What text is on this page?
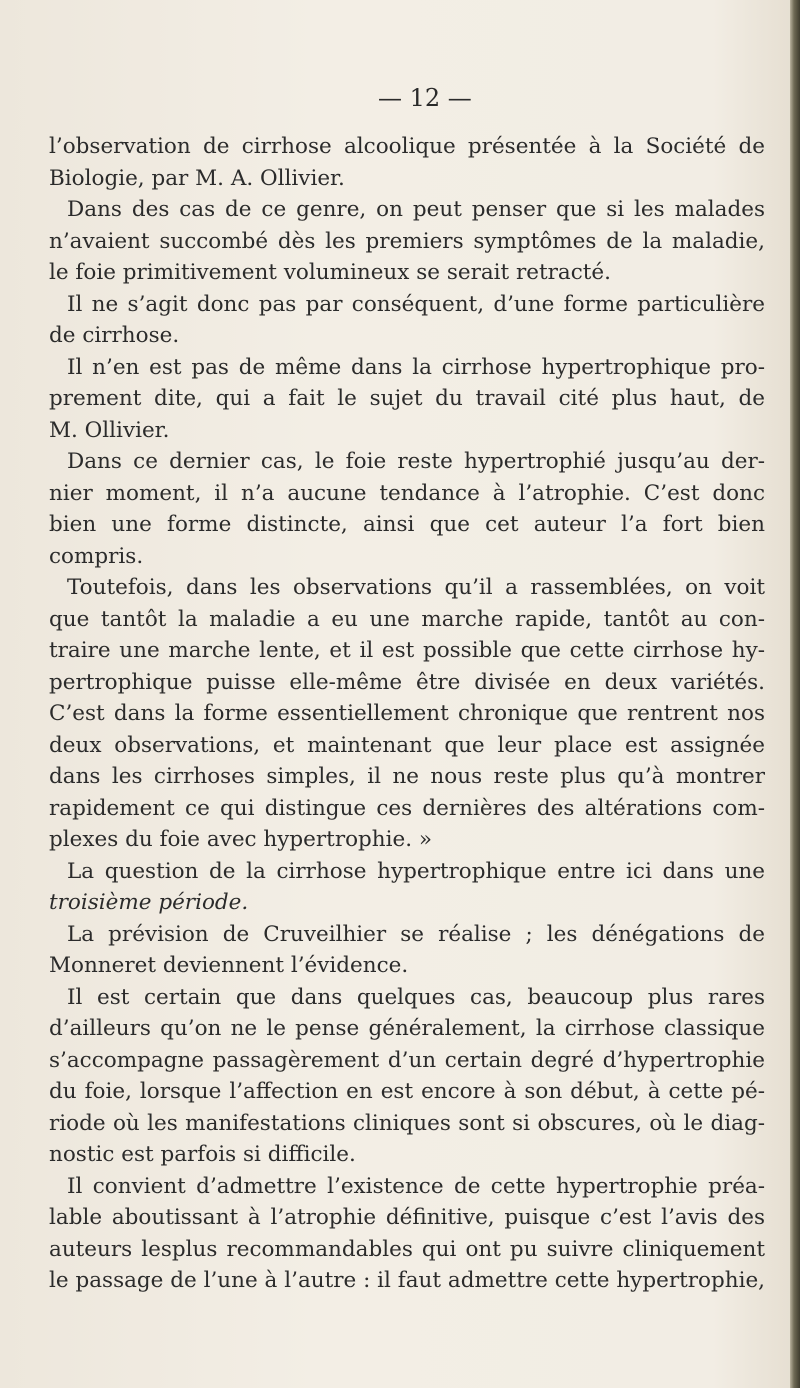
— 12 —
l’observation de cirrhose alcoolique présentée à la Société de
Biologie, par M. A. Ollivier.
Dans des cas de ce genre, on peut penser que si les malades
n’avaient succombé dès les premiers symptômes de la maladie,
le foie primitivement volumineux se serait retracté.
Il ne s’agit donc pas par conséquent, d’une forme particulière
de cirrhose.
Il n’en est pas de même dans la cirrhose hypertrophique pro-
prement dite, qui a fait le sujet du travail cité plus haut, de
M. Ollivier.
Dans ce dernier cas, le foie reste hypertrophié jusqu’au der-
nier moment, il n’a aucune tendance à l’atrophie. C’est donc
bien une forme distincte, ainsi que cet auteur l’a fort bien
compris.
Toutefois, dans les observations qu’il a rassemblées, on voit
que tantôt la maladie a eu une marche rapide, tantôt au con-
traire une marche lente, et il est possible que cette cirrhose hy-
pertrophique puisse elle-même être divisée en deux variétés.
C’est dans la forme essentiellement chronique que rentrent nos
deux observations, et maintenant que leur place est assignée
dans les cirrhoses simples, il ne nous reste plus qu’à montrer
rapidement ce qui distingue ces dernières des altérations com-
plexes du foie avec hypertrophie. »
La question de la cirrhose hypertrophique entre ici dans une
troisième période.
La prévision de Cruveilhier se réalise ; les dénégations de
Monneret deviennent l’évidence.
Il est certain que dans quelques cas, beaucoup plus rares
d’ailleurs qu’on ne le pense généralement, la cirrhose classique
s’accompagne passagèrement d’un certain degré d’hypertrophie
du foie, lorsque l’affection en est encore à son début, à cette pé-
riode où les manifestations cliniques sont si obscures, où le diag-
nostic est parfois si difficile.
Il convient d’admettre l’existence de cette hypertrophie préa-
lable aboutissant à l’atrophie définitive, puisque c’est l’avis des
auteurs lesplus recommandables qui ont pu suivre cliniquement
le passage de l’une à l’autre : il faut admettre cette hypertrophie,
